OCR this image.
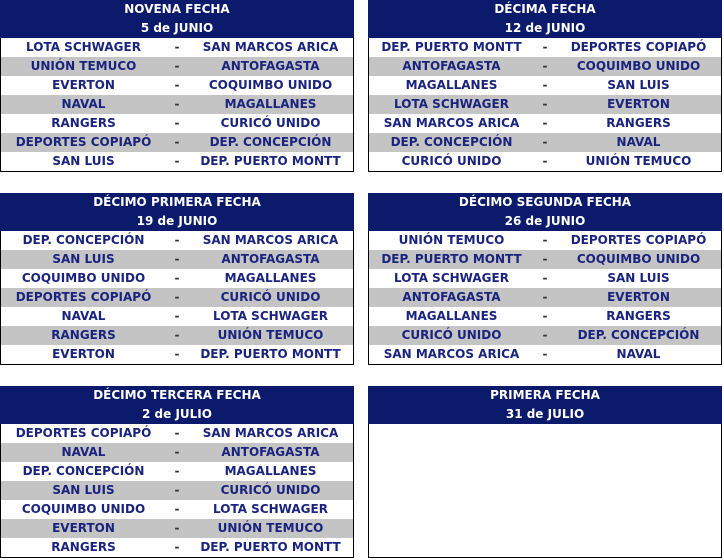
NOVENA FECHA
5 de JUNIO
LOTA SCHWAGER	-	SAN MARCOS ARICA
UNIÓN TEMUCO	-	ANTOFAGASTA
EVERTON	-	COQUIMBO UNIDO
NAVAL	-	MAGALLANES
RANGERS	-	CURICÓ UNIDO
DEPORTES COPIAPÓ	-	DEP. CONCEPCIÓN
SAN LUIS	-	DEP. PUERTO MONTT
DÉCIMA FECHA
12 de JUNIO
DEP. PUERTO MONTT	-	DEPORTES COPIAPÓ
ANTOFAGASTA	-	COQUIMBO UNIDO
MAGALLANES	-	SAN LUIS
LOTA SCHWAGER	-	EVERTON
SAN MARCOS ARICA	-	RANGERS
DEP. CONCEPCIÓN	-	NAVAL
CURICÓ UNIDO	-	UNIÓN TEMUCO
DÉCIMO PRIMERA FECHA
19 de JUNIO
DEP. CONCEPCIÓN	-	SAN MARCOS ARICA
SAN LUIS	-	ANTOFAGASTA
COQUIMBO UNIDO	-	MAGALLANES
DEPORTES COPIAPÓ	-	CURICÓ UNIDO
NAVAL	-	LOTA SCHWAGER
RANGERS	-	UNIÓN TEMUCO
EVERTON	-	DEP. PUERTO MONTT
DÉCIMO SEGUNDA FECHA
26 de JUNIO
UNIÓN TEMUCO	-	DEPORTES COPIAPÓ
DEP. PUERTO MONTT	-	COQUIMBO UNIDO
LOTA SCHWAGER	-	SAN LUIS
ANTOFAGASTA	-	EVERTON
MAGALLANES	-	RANGERS
CURICÓ UNIDO	-	DEP. CONCEPCIÓN
SAN MARCOS ARICA	-	NAVAL
DÉCIMO TERCERA FECHA
2 de JULIO
DEPORTES COPIAPÓ	-	SAN MARCOS ARICA
NAVAL	-	ANTOFAGASTA
DEP. CONCEPCIÓN	-	MAGALLANES
SAN LUIS	-	CURICÓ UNIDO
COQUIMBO UNIDO	-	LOTA SCHWAGER
EVERTON	-	UNIÓN TEMUCO
RANGERS	-	DEP. PUERTO MONTT
PRIMERA FECHA
31 de JULIO
